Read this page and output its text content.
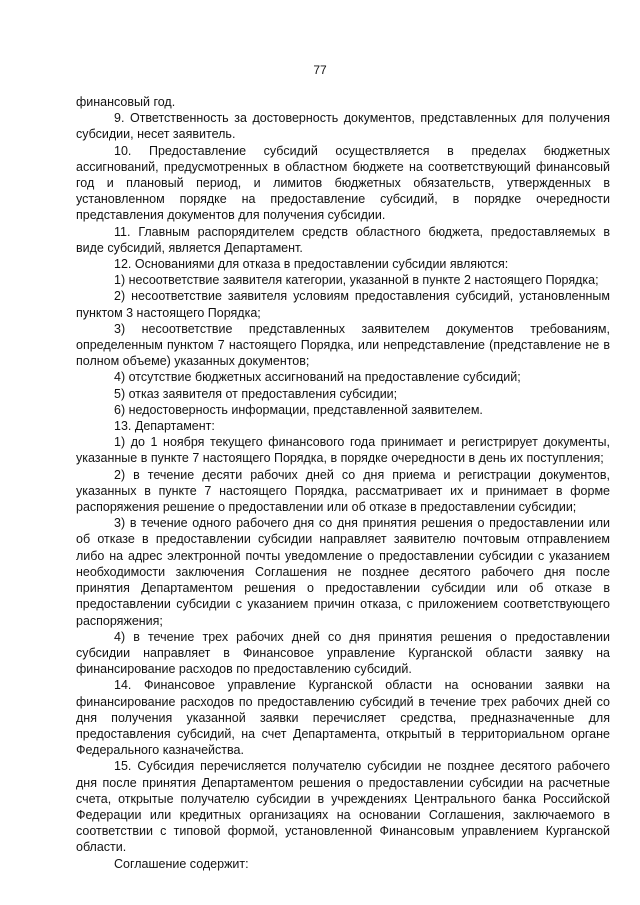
77

финансовый год.

9. Ответственность за достоверность документов, представленных для получения субсидии, несет заявитель.

10. Предоставление субсидий осуществляется в пределах бюджетных ассигнований, предусмотренных в областном бюджете на соответствующий финансовый год и плановый период, и лимитов бюджетных обязательств, утвержденных в установленном порядке на предоставление субсидий, в порядке очередности представления документов для получения субсидии.

11. Главным распорядителем средств областного бюджета, предоставляемых в виде субсидий, является Департамент.

12. Основаниями для отказа в предоставлении субсидии являются:

1) несоответствие заявителя категории, указанной в пункте 2 настоящего Порядка;

2) несоответствие заявителя условиям предоставления субсидий, установленным пунктом 3 настоящего Порядка;

3) несоответствие представленных заявителем документов требованиям, определенным пунктом 7 настоящего Порядка, или непредставление (представление не в полном объеме) указанных документов;

4) отсутствие бюджетных ассигнований на предоставление субсидий;

5) отказ заявителя от предоставления субсидии;

6) недостоверность информации, представленной заявителем.

13. Департамент:

1) до 1 ноября текущего финансового года принимает и регистрирует документы, указанные в пункте 7 настоящего Порядка, в порядке очередности в день их поступления;

2) в течение десяти рабочих дней со дня приема и регистрации документов, указанных в пункте 7 настоящего Порядка, рассматривает их и принимает в форме распоряжения решение о предоставлении или об отказе в предоставлении субсидии;

3) в течение одного рабочего дня со дня принятия решения о предоставлении или об отказе в предоставлении субсидии направляет заявителю почтовым отправлением либо на адрес электронной почты уведомление о предоставлении субсидии с указанием необходимости заключения Соглашения не позднее десятого рабочего дня после принятия Департаментом решения о предоставлении субсидии или об отказе в предоставлении субсидии с указанием причин отказа, с приложением соответствующего распоряжения;

4) в течение трех рабочих дней со дня принятия решения о предоставлении субсидии направляет в Финансовое управление Курганской области заявку на финансирование расходов по предоставлению субсидий.

14. Финансовое управление Курганской области на основании заявки на финансирование расходов по предоставлению субсидий в течение трех рабочих дней со дня получения указанной заявки перечисляет средства, предназначенные для предоставления субсидий, на счет Департамента, открытый в территориальном органе Федерального казначейства.

15. Субсидия перечисляется получателю субсидии не позднее десятого рабочего дня после принятия Департаментом решения о предоставлении субсидии на расчетные счета, открытые получателю субсидии в учреждениях Центрального банка Российской Федерации или кредитных организациях на основании Соглашения, заключаемого в соответствии с типовой формой, установленной Финансовым управлением Курганской области.

Соглашение содержит:
